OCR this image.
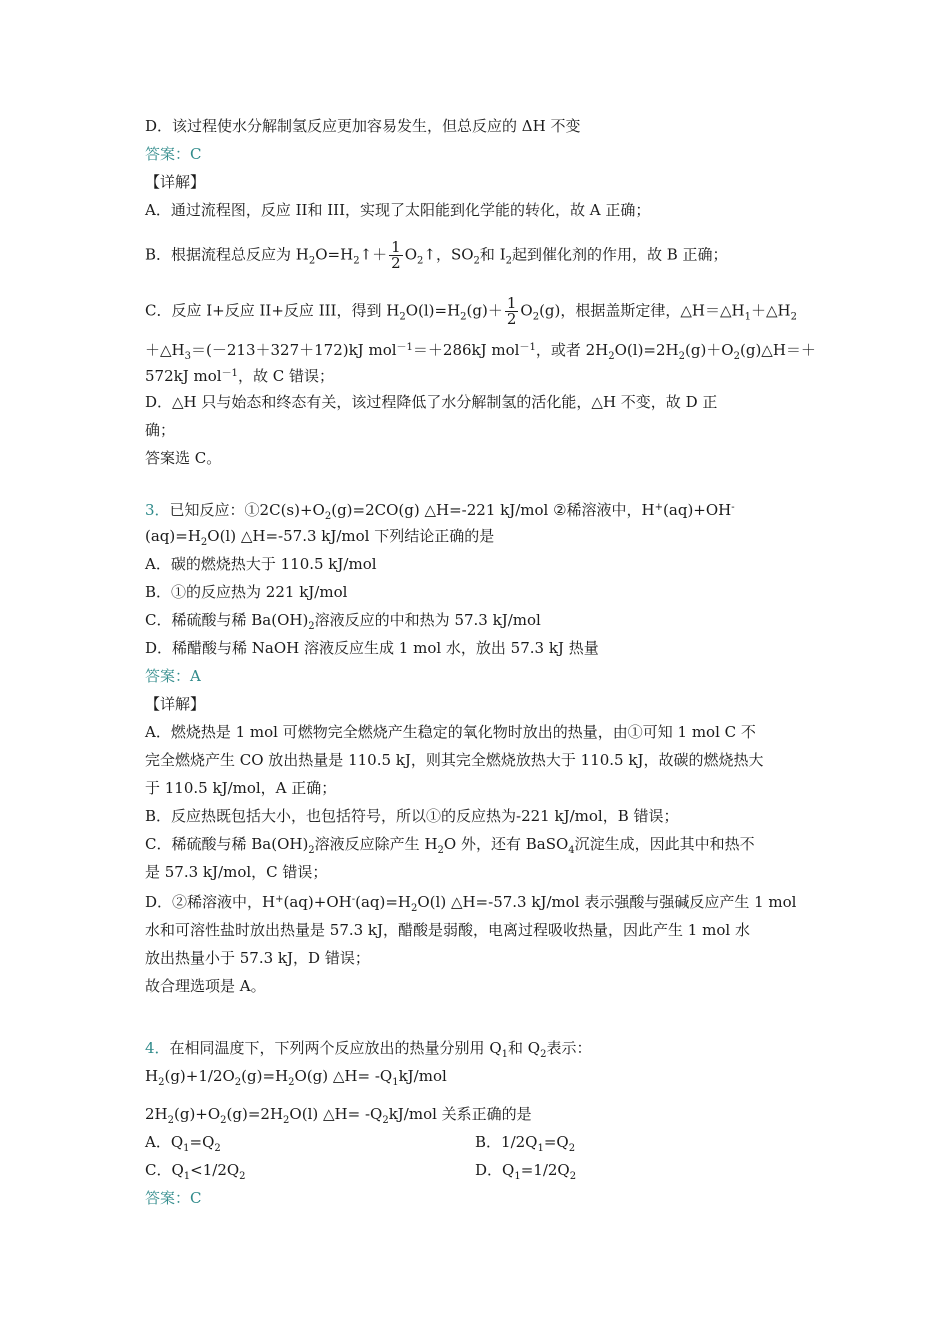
D．该过程使水分解制氢反应更加容易发生，但总反应的 ΔH 不变
答案：C
【详解】
A．通过流程图，反应 II和 III，实现了太阳能到化学能的转化，故 A 正确；
B．根据流程总反应为 $H_2O=H_2↑+ \frac{1}{2}$ $O_2↑$，$SO_2$和 $I_2$起到催化剂的作用，故 B 正确；
C．反应 I+反应 II+反应 III，得到 $H_2O(l)=H_2(g)+ \frac{1}{2} O_2(g)$，根据盖斯定律，$\triangle H=\triangle H_1+\triangle H_2$
$+\triangle H_3=(-213+327+172)kJ$ mol$^{-1}$＝＋286kJ mol$^{-1}$，或者 $2H_2O(l)=2H_2(g)+O_2(g)\triangle H=+$
572kJ mol$^{-1}$，故 C 错误；
D．△H 只与始态和终态有关，该过程降低了水分解制氢的活化能，△H 不变，故 D 正
确；
答案选 C。
3．已知反应：$①2C(s)+O_2(g)=2CO(g)$ △H=-221 kJ/mol ②稀溶液中，H+(aq)+OH-
$(aq)=H_2O(l)$ △H=-57.3 kJ/mol 下列结论正确的是
A．碳的燃烧热大于 110.5 kJ/mol
B．①的反应热为 221 kJ/mol
C．稀硫酸与稀 $Ba(OH)_2$溶液反应的中和热为 57.3 kJ/mol
D．稀醋酸与稀 NaOH 溶液反应生成 1 mol 水，放出 57.3 kJ 热量
答案：A
【详解】
A．燃烧热是 1 mol 可燃物完全燃烧产生稳定的氧化物时放出的热量，由①可知 1 mol C 不
完全燃烧产生 CO 放出热量是 110.5 kJ，则其完全燃烧放热大于 110.5 kJ，故碳的燃烧热大
于 110.5 kJ/mol，A 正确；
B．反应热既包括大小，也包括符号，所以①的反应热为-221 kJ/mol，B 错误；
C．稀硫酸与稀 $Ba(OH)_2$溶液反应除产生 $H_2O$ 外，还有 BaSO$_4$沉淀生成，因此其中和热不
是 57.3 kJ/mol，C 错误；
D．②稀溶液中，$H^+(aq)+OH^-(aq)=H_2O(l)$ △H=-57.3 kJ/mol 表示强酸与强碱反应产生 1 mol
水和可溶性盐时放出热量是 57.3 kJ，醋酸是弱酸，电离过程吸收热量，因此产生 1 mol 水
放出热量小于 57.3 kJ，D 错误；
故合理选项是 A。
4．在相同温度下，下列两个反应放出的热量分别用 $Q_1$和 $Q_2$表示：
$H_2(g)+1/2O_2(g)=H_2O(g)$ △H= $-Q_1kJ$/mol
$2H_2(g)+O_2(g)=2H_2O(l)$ △H= $-Q_2kJ$/mol 关系正确的是
A．$Q_1=Q_2$	B．$1/2Q_1=Q_2$
C．$Q_1<1/2Q_2$	D．$Q_1=1/2Q_2$
答案：C
